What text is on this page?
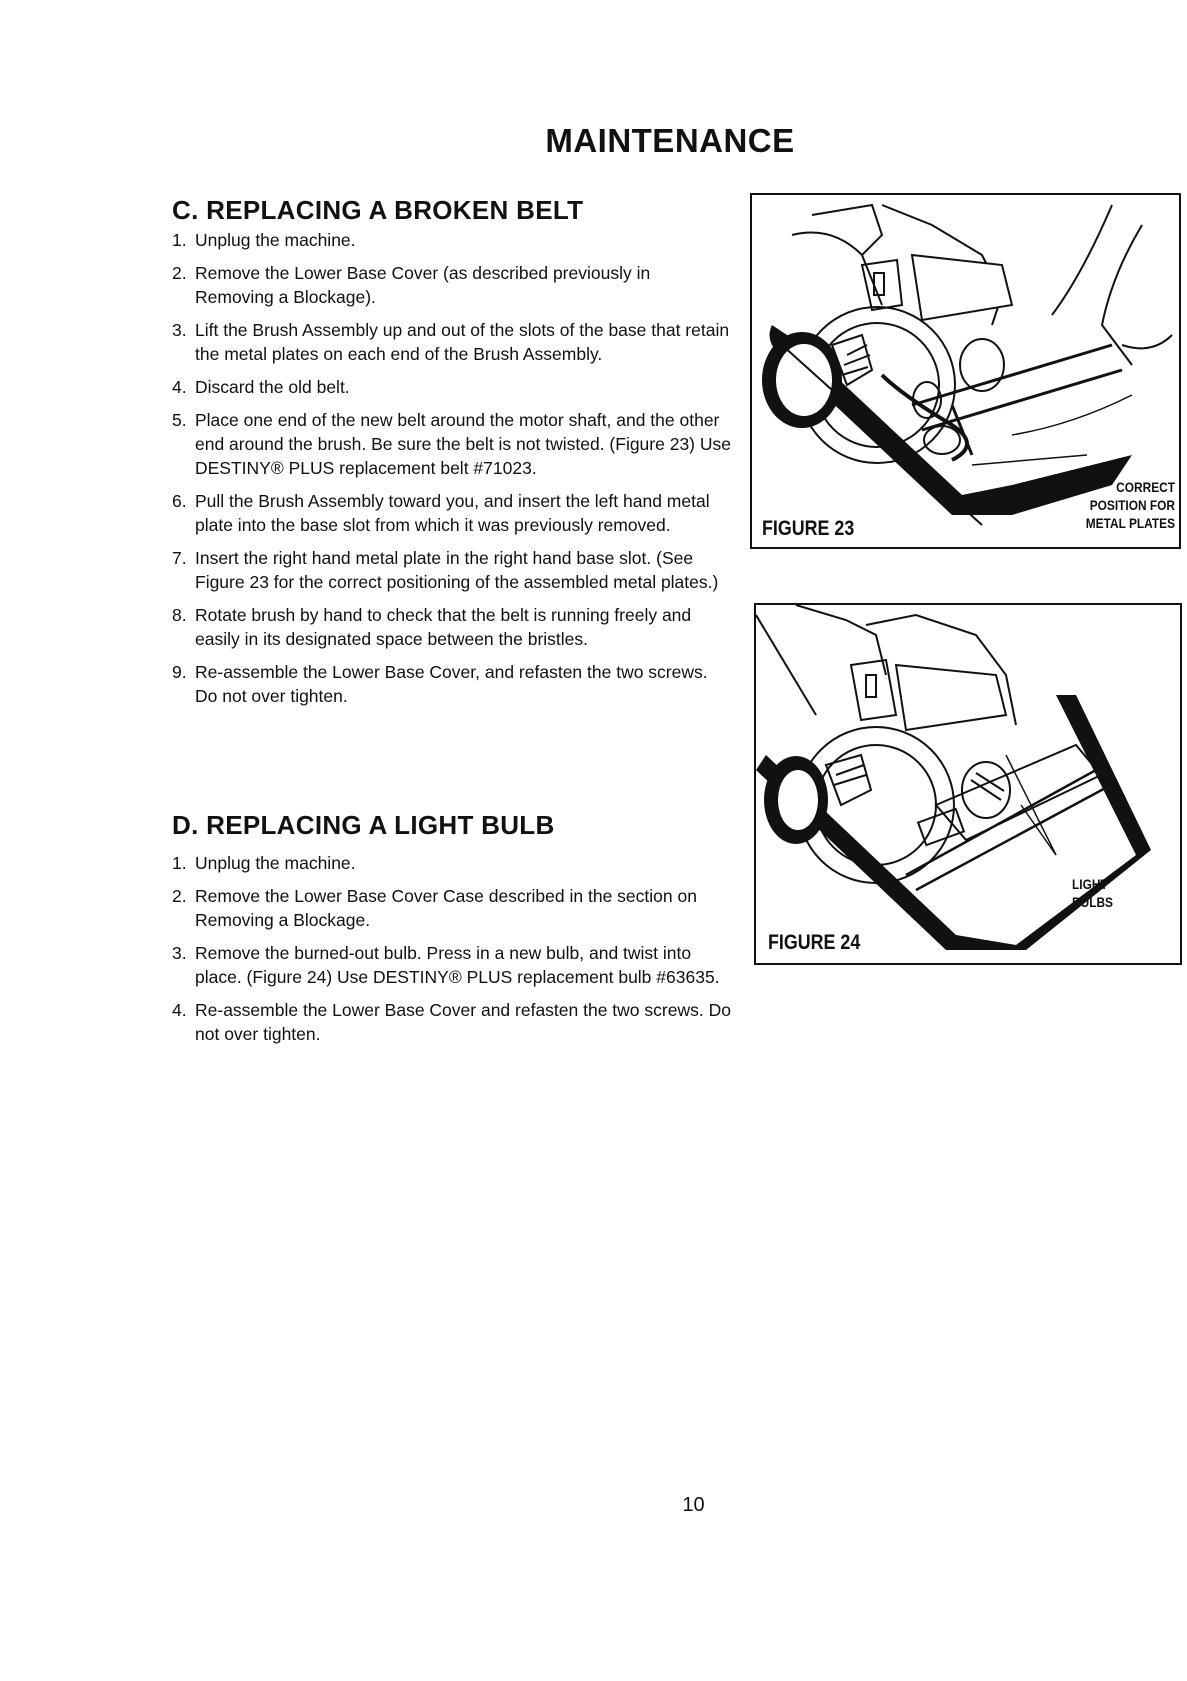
MAINTENANCE
C. REPLACING A BROKEN BELT
1. Unplug the machine.
2. Remove the Lower Base Cover (as described previously in Removing a Blockage).
3. Lift the Brush Assembly up and out of the slots of the base that retain the metal plates on each end of the Brush Assembly.
4. Discard the old belt.
5. Place one end of the new belt around the motor shaft, and the other end around the brush. Be sure the belt is not twisted. (Figure 23) Use DESTINY® PLUS replacement belt #71023.
6. Pull the Brush Assembly toward you, and insert the left hand metal plate into the base slot from which it was previously removed.
7. Insert the right hand metal plate in the right hand base slot. (See Figure 23 for the correct positioning of the assembled metal plates.)
8. Rotate brush by hand to check that the belt is running freely and easily in its designated space between the bristles.
9. Re-assemble the Lower Base Cover, and refasten the two screws. Do not over tighten.
D. REPLACING A LIGHT BULB
1. Unplug the machine.
2. Remove the Lower Base Cover Case described in the section on Removing a Blockage.
3. Remove the burned-out bulb. Press in a new bulb, and twist into place. (Figure 24) Use DESTINY® PLUS replacement bulb #63635.
4. Re-assemble the Lower Base Cover and refasten the two screws. Do not over tighten.
FIGURE 23
CORRECT
POSITION FOR
METAL PLATES
FIGURE 24
LIGHT
BULBS
10
